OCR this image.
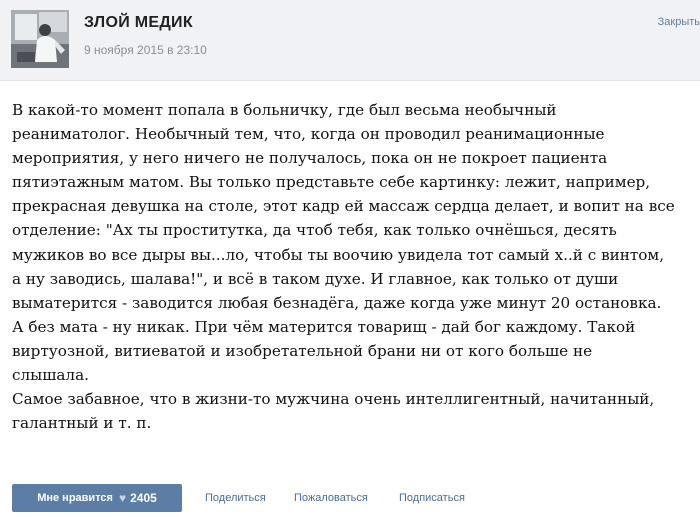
ЗЛОЙ МЕДИК
9 ноября 2015 в 23:10
Закрыть
В какой-то момент попала в больничку, где был весьма необычный
реаниматолог. Необычный тем, что, когда он проводил реанимационные
мероприятия, у него ничего не получалось, пока он не покроет пациента
пятиэтажным матом. Вы только представьте себе картинку: лежит, например,
прекрасная девушка на столе, этот кадр ей массаж сердца делает, и вопит на все
отделение: "Ах ты проститутка, да чтоб тебя, как только очнёшься, десять
мужиков во все дыры вы...ло, чтобы ты воочию увидела тот самый х..й с винтом,
а ну заводись, шалава!", и всё в таком духе. И главное, как только от души
выматерится - заводится любая безнадёга, даже когда уже минут 20 остановка.
А без мата - ну никак. При чём матерится товарищ - дай бог каждому. Такой
виртуозной, витиеватой и изобретательной брани ни от кого больше не
слышала.
Самое забавное, что в жизни-то мужчина очень интеллигентный, начитанный,
галантный и т. п.
Мне нравится ♥ 2405	Поделиться	Пожаловаться	Подписаться
